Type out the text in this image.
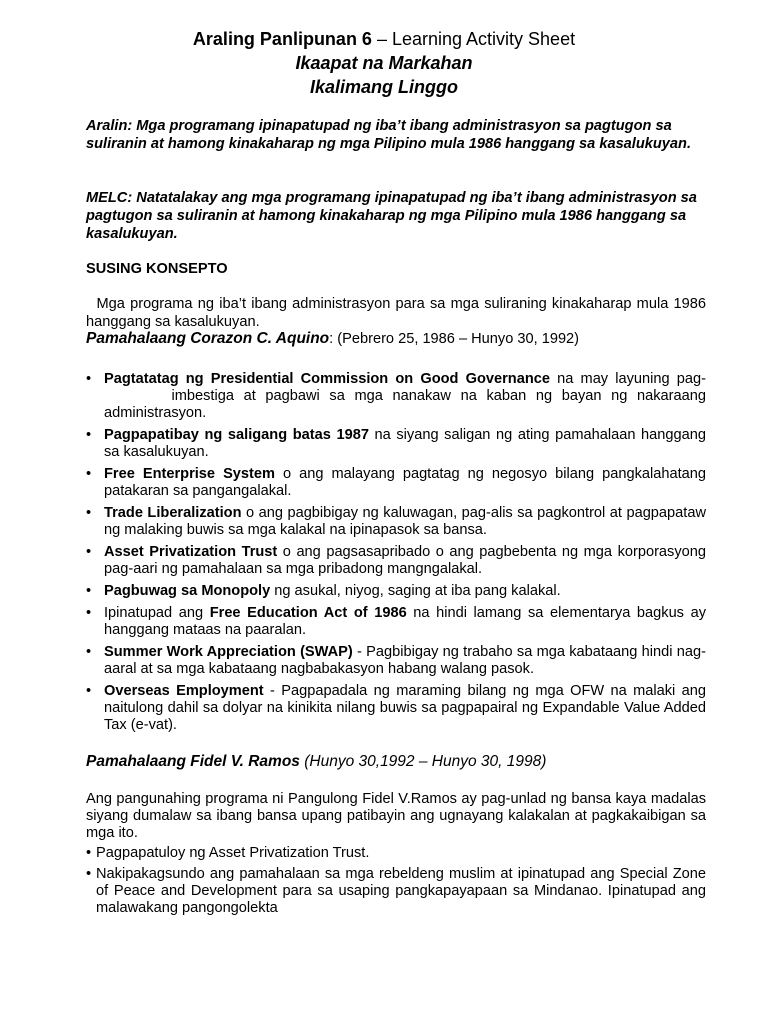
Araling Panlipunan 6 – Learning Activity Sheet
Ikaapat na Markahan
Ikalimang Linggo
Aralin: Mga programang ipinapatupad ng iba’t ibang administrasyon sa pagtugon sa suliranin at hamong kinakaharap ng mga Pilipino mula 1986 hanggang sa kasalukuyan.
MELC: Natatalakay ang mga programang ipinapatupad ng iba’t ibang administrasyon sa pagtugon sa suliranin at hamong kinakaharap ng mga Pilipino mula 1986 hanggang sa kasalukuyan.
SUSING KONSEPTO
Mga programa ng iba’t ibang administrasyon para sa mga suliraning kinakaharap mula 1986 hanggang sa kasalukuyan.
Pamahalaang Corazon C. Aquino: (Pebrero 25, 1986 – Hunyo 30, 1992)
• Pagtatatag ng Presidential Commission on Good Governance na may layuning pag-       imbestiga at pagbawi sa mga nanakaw na kaban ng bayan ng nakaraang administrasyon.
• Pagpapatibay ng saligang batas 1987 na siyang saligan ng ating pamahalaan hanggang sa kasalukuyan.
• Free Enterprise System o ang malayang pagtatag ng negosyo bilang pangkalahatang patakaran sa pangangalakal.
• Trade Liberalization o ang pagbibigay ng kaluwagan, pag-alis sa pagkontrol at pagpapataw ng malaking buwis sa mga kalakal na ipinapasok sa bansa.
• Asset Privatization Trust o ang pagsasapribado o ang pagbebenta ng mga korporasyong pag-aari ng pamahalaan sa mga pribadong mangngalakal.
• Pagbuwag sa Monopoly ng asukal, niyog, saging at iba pang kalakal.
• Ipinatupad ang Free Education Act of 1986 na hindi lamang sa elementarya bagkus ay hanggang mataas na paaralan.
• Summer Work Appreciation (SWAP) - Pagbibigay ng trabaho sa mga kabataang hindi nag-aaral at sa mga kabataang nagbabakasyon habang walang pasok.
• Overseas Employment - Pagpapadala ng maraming bilang ng mga OFW na malaki ang naitulong dahil sa dolyar na kinikita nilang buwis sa pagpapairal ng Expandable Value Added Tax (e-vat).
Pamahalaang Fidel V. Ramos (Hunyo 30,1992 – Hunyo 30, 1998)
Ang pangunahing programa ni Pangulong Fidel V.Ramos ay pag-unlad ng bansa kaya madalas siyang dumalaw sa ibang bansa upang patibayin ang ugnayang kalakalan at pagkakaibigan sa mga ito.
• Pagpapatuloy ng Asset Privatization Trust.
• Nakipakagsundo ang pamahalaan sa mga rebeldeng muslim at ipinatupad ang Special Zone of Peace and Development para sa usaping pangkapayapaan sa Mindanao. Ipinatupad ang malawakang pangongolekta
